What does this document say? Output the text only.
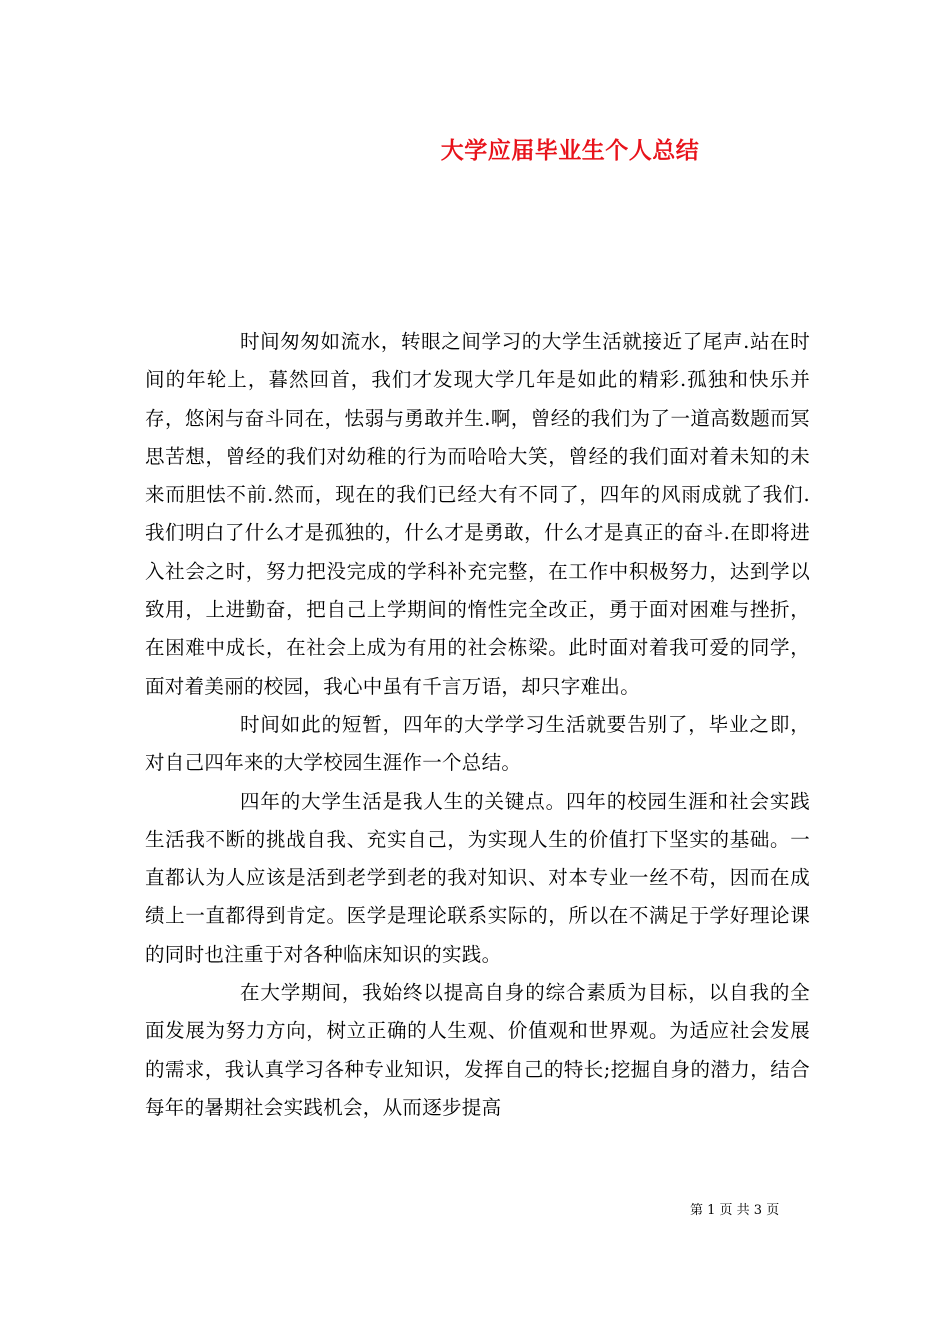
大学应届毕业生个人总结

时间匆匆如流水，转眼之间学习的大学生活就接近了尾声.站在时间的年轮上，暮然回首，我们才发现大学几年是如此的精彩.孤独和快乐并存，悠闲与奋斗同在，怯弱与勇敢并生.啊，曾经的我们为了一道高数题而冥思苦想，曾经的我们对幼稚的行为而哈哈大笑，曾经的我们面对着未知的未来而胆怯不前.然而，现在的我们已经大有不同了，四年的风雨成就了我们.我们明白了什么才是孤独的，什么才是勇敢，什么才是真正的奋斗.在即将进入社会之时，努力把没完成的学科补充完整，在工作中积极努力，达到学以致用，上进勤奋，把自己上学期间的惰性完全改正，勇于面对困难与挫折，在困难中成长，在社会上成为有用的社会栋梁。此时面对着我可爱的同学，面对着美丽的校园，我心中虽有千言万语，却只字难出。

时间如此的短暂，四年的大学学习生活就要告别了，毕业之即，对自己四年来的大学校园生涯作一个总结。

四年的大学生活是我人生的关键点。四年的校园生涯和社会实践生活我不断的挑战自我、充实自己，为实现人生的价值打下坚实的基础。一直都认为人应该是活到老学到老的我对知识、对本专业一丝不苟，因而在成绩上一直都得到肯定。医学是理论联系实际的，所以在不满足于学好理论课的同时也注重于对各种临床知识的实践。

在大学期间，我始终以提高自身的综合素质为目标，以自我的全面发展为努力方向，树立正确的人生观、价值观和世界观。为适应社会发展的需求，我认真学习各种专业知识，发挥自己的特长;挖掘自身的潜力，结合每年的暑期社会实践机会，从而逐步提高

第 1 页 共 3 页
